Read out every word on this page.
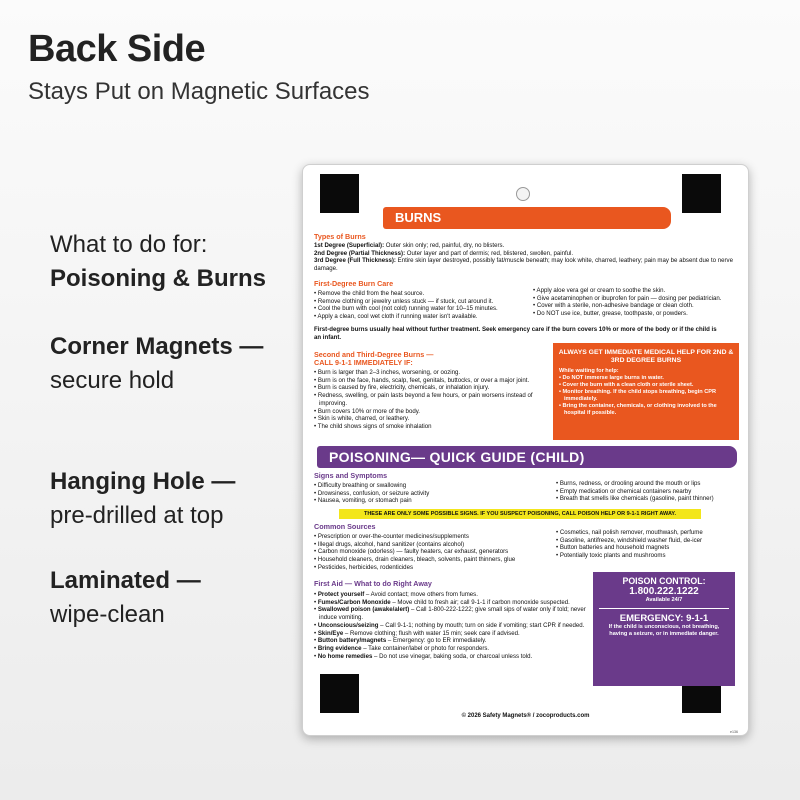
Back Side
Stays Put on Magnetic Surfaces
What to do for:
Poisoning & Burns
Corner Magnets —
secure hold
Hanging Hole —
pre-drilled at top
Laminated —
wipe-clean
BURNS
Types of Burns

1st Degree (Superficial): Outer skin only; red, painful, dry, no blisters.

2nd Degree (Partial Thickness): Outer layer and part of dermis; red, blistered, swollen, painful.

3rd Degree (Full Thickness): Entire skin layer destroyed, possibly fat/muscle beneath; may look white, charred, leathery; pain may be absent due to nerve damage.

First-Degree Burn Care
• Remove the child from the heat source.
• Remove clothing or jewelry unless stuck — if stuck, cut around it.
• Cool the burn with cool (not cold) running water for 10–15 minutes.
• Apply a clean, cool wet cloth if running water isn't available.
• Apply aloe vera gel or cream to soothe the skin.
• Give acetaminophen or ibuprofen for pain — dosing per pediatrician.
• Cover with a sterile, non-adhesive bandage or clean cloth.
• Do NOT use ice, butter, grease, toothpaste, or powders.
First-degree burns usually heal without further treatment. Seek emergency care if the burn covers 10% or more of the body or if the child is an infant.
Second and Third-Degree Burns —
CALL 9-1-1 IMMEDIATELY IF:
• Burn is larger than 2–3 inches, worsening, or oozing.
• Burn is on the face, hands, scalp, feet, genitals, buttocks, or over a major joint.
• Burn is caused by fire, electricity, chemicals, or inhalation injury.
• Redness, swelling, or pain lasts beyond a few hours, or pain worsens instead of improving.
• Burn covers 10% or more of the body.
• Skin is white, charred, or leathery.
• The child shows signs of smoke inhalation
ALWAYS GET IMMEDIATE MEDICAL HELP FOR 2ND & 3RD DEGREE BURNS
While waiting for help:
• Do NOT immerse large burns in water.
• Cover the burn with a clean cloth or sterile sheet.
• Monitor breathing. If the child stops breathing, begin CPR immediately.
• Bring the container, chemicals, or clothing involved to the hospital if possible.
POISONING— QUICK GUIDE (CHILD)
Signs and Symptoms
• Difficulty breathing or swallowing
• Drowsiness, confusion, or seizure activity
• Nausea, vomiting, or stomach pain
• Burns, redness, or drooling around the mouth or lips
• Empty medication or chemical containers nearby
• Breath that smells like chemicals (gasoline, paint thinner)
THESE ARE ONLY SOME POSSIBLE SIGNS. IF YOU SUSPECT POISONING, CALL POISON HELP OR 9-1-1 RIGHT AWAY.
Common Sources
• Prescription or over-the-counter medicines/supplements
• Illegal drugs, alcohol, hand sanitizer (contains alcohol)
• Carbon monoxide (odorless) — faulty heaters, car exhaust, generators
• Household cleaners, drain cleaners, bleach, solvents, paint thinners, glue
• Pesticides, herbicides, rodenticides
• Cosmetics, nail polish remover, mouthwash, perfume
• Gasoline, antifreeze, windshield washer fluid, de-icer
• Button batteries and household magnets
• Potentially toxic plants and mushrooms
First Aid — What to do Right Away
• Protect yourself – Avoid contact; move others from fumes.
• Fumes/Carbon Monoxide – Move child to fresh air; call 9-1-1 if carbon monoxide suspected.
• Swallowed poison (awake/alert) – Call 1-800-222-1222; give small sips of water only if told; never induce vomiting.
• Unconscious/seizing – Call 9-1-1; nothing by mouth; turn on side if vomiting; start CPR if needed.
• Skin/Eye – Remove clothing; flush with water 15 min; seek care if advised.
• Button battery/magnets – Emergency: go to ER immediately.
• Bring evidence – Take container/label or photo for responders.
• No home remedies – Do not use vinegar, baking soda, or charcoal unless told.
POISON CONTROL:
1.800.222.1222
Available 24/7
EMERGENCY: 9-1-1
If the child is unconscious, not breathing, having a seizure, or in immediate danger.
© 2026 Safety Magnets® / zocoproducts.com
e136
